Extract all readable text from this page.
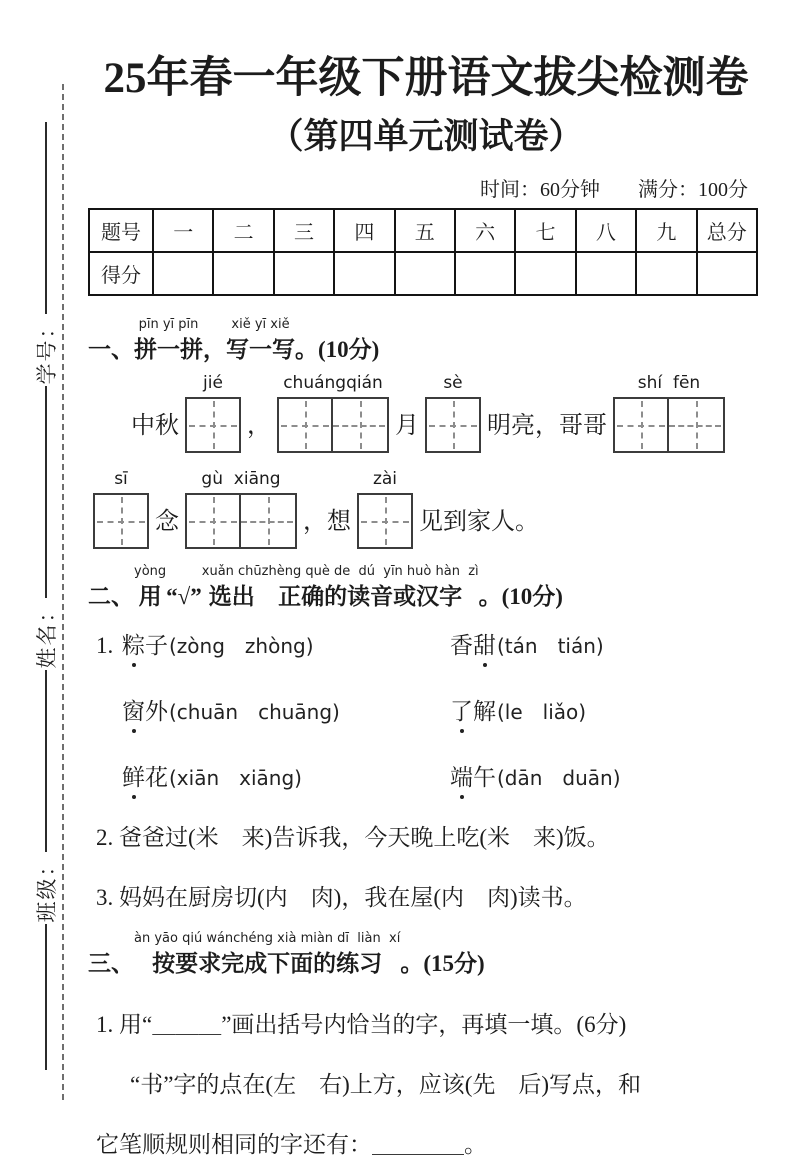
学号：
姓名：
班级：
25年春一年级下册语文拔尖检测卷
（第四单元测试卷）
时间：60分钟 满分：100分
题号	一	二	三	四	五	六	七	八	九	总分
得分										

一、
pīn yī pīn
拼一拼
，
xiě yī xiě
写一写
。(10分)
中秋
jié
，
chuángqián
月
sè
明亮，哥哥
shí  fēn
sī
念
gù  xiāng
，想
zài
见到家人。

二、
yòng
用
“√”
xuǎn chū
选出
zhèng què de  dú  yīn huò hàn  zì
正确的读音或汉字
。(10分)
1. 粽子 (zòng　zhòng)	香甜 (tán　tián)
窗外 (chuān　chuāng)	了解 (le　liǎo)
鲜花 (xiān　xiāng)	端午 (dān　duān)
2. 爸爸过(米　来)告诉我，今天晚上吃(米　来)饭。
3. 妈妈在厨房切(内　肉)，我在屋(内　肉)读书。

三、
àn yāo qiú wánchéng xià miàn dī  liàn  xí
按要求完成下面的练习
。(15分)
1. 用“＿＿＿”画出括号内恰当的字，再填一填。(6分)
“书”字的点在(左　右)上方，应该(先　后)写点，和
它笔顺规则相同的字还有：＿＿＿＿。
